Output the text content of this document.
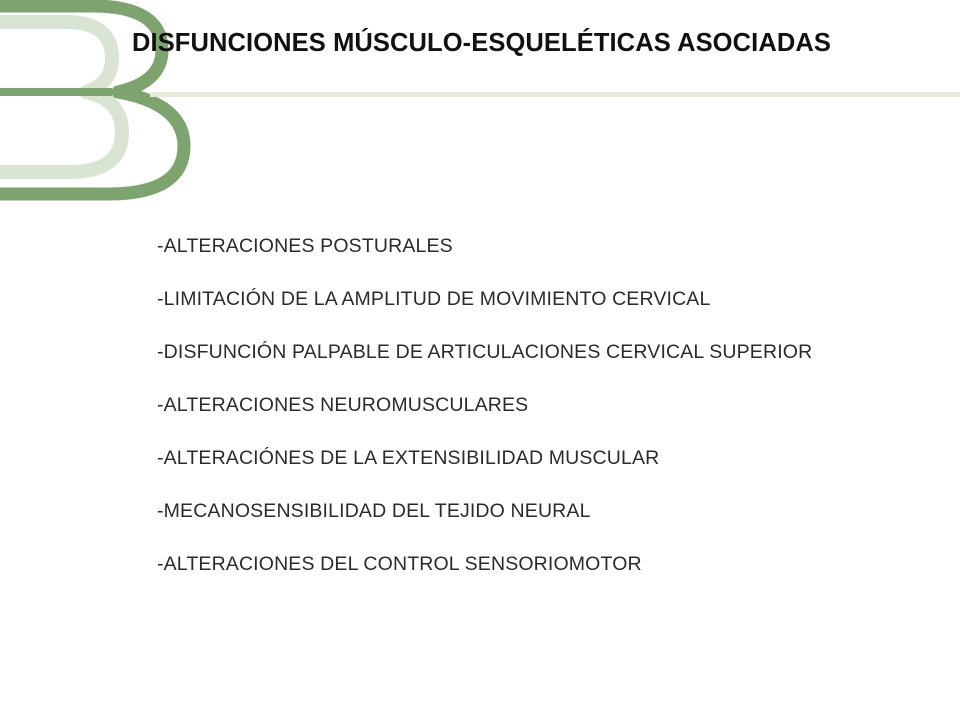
DISFUNCIONES MÚSCULO-ESQUELÉTICAS ASOCIADAS
-ALTERACIONES POSTURALES
-LIMITACIÓN DE LA AMPLITUD DE MOVIMIENTO CERVICAL
-DISFUNCIÓN PALPABLE DE ARTICULACIONES CERVICAL SUPERIOR
-ALTERACIONES NEUROMUSCULARES
-ALTERACIÓNES DE LA EXTENSIBILIDAD MUSCULAR
-MECANOSENSIBILIDAD DEL TEJIDO NEURAL
-ALTERACIONES DEL CONTROL SENSORIOMOTOR
